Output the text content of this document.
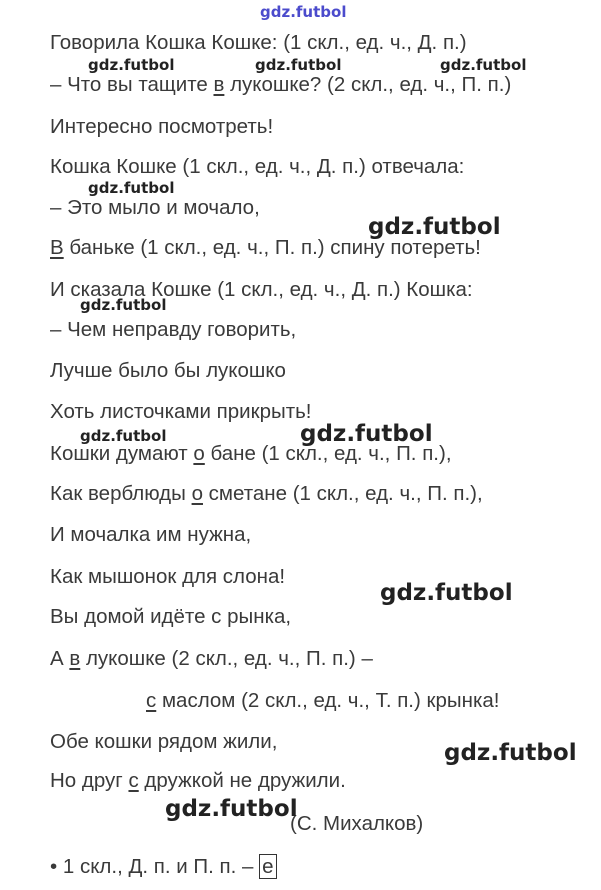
gdz.futbol
gdz.futbol	gdz.futbol	gdz.futbol
gdz.futbol
gdz.futbol
gdz.futbol
gdz.futbol	gdz.futbol
gdz.futbol
gdz.futbol
gdz.futbol
Говорила Кошка Кошке: (1 скл., ед. ч., Д. п.)
– Что вы тащите в лукошке? (2 скл., ед. ч., П. п.)
Интересно посмотреть!
Кошка Кошке (1 скл., ед. ч., Д. п.) отвечала:
– Это мыло и мочало,
В баньке (1 скл., ед. ч., П. п.) спину потереть!
И сказала Кошке (1 скл., ед. ч., Д. п.) Кошка:
– Чем неправду говорить,
Лучше было бы лукошко
Хоть листочками прикрыть!
Кошки думают о бане (1 скл., ед. ч., П. п.),
Как верблюды о сметане (1 скл., ед. ч., П. п.),
И мочалка им нужна,
Как мышонок для слона!
Вы домой идёте с рынка,
А в лукошке (2 скл., ед. ч., П. п.) –
с маслом (2 скл., ед. ч., Т. п.) крынка!
Обе кошки рядом жили,
Но друг с дружкой не дружили.
(С. Михалков)
• 1 скл., Д. п. и П. п. – е
